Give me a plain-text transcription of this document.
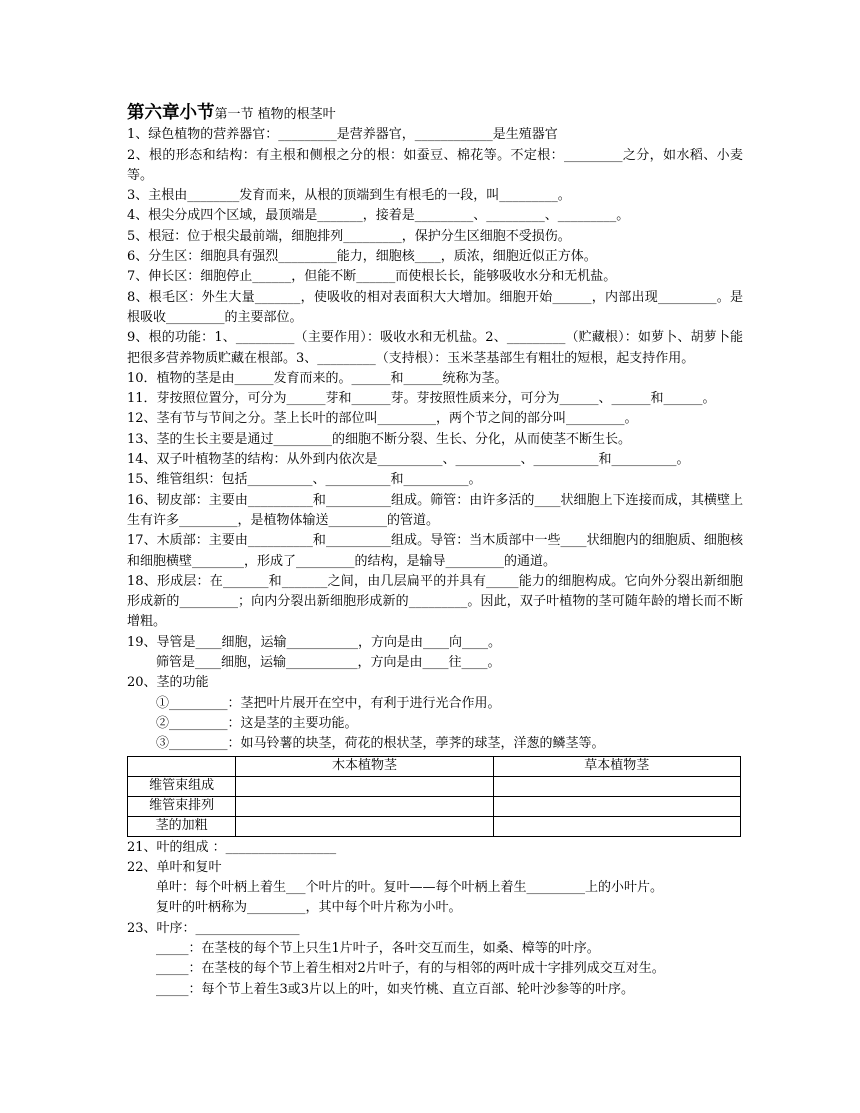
第六章小节第一节 植物的根茎叶
1、绿色植物的营养器官：_________是营养器官，____________是生殖器官
2、根的形态和结构：有主根和侧根之分的根：如蚕豆、棉花等。不定根：_________之分，如水稻、小麦等。
3、主根由________发育而来，从根的顶端到生有根毛的一段，叫_________。
4、根尖分成四个区域，最顶端是_______，接着是_________、_________、_________。
5、根冠：位于根尖最前端，细胞排列_________，保护分生区细胞不受损伤。
6、分生区：细胞具有强烈_________能力，细胞核____，质浓，细胞近似正方体。
7、伸长区：细胞停止______，但能不断______而使根长长，能够吸收水分和无机盐。
8、根毛区：外生大量_______，使吸收的相对表面积大大增加。细胞开始______，内部出现_________。是根吸收_________的主要部位。
9、根的功能：1、_________（主要作用）：吸收水和无机盐。2、_________（贮藏根）：如萝卜、胡萝卜能把很多营养物质贮藏在根部。3、_________（支持根）：玉米茎基部生有粗壮的短根，起支持作用。
10．植物的茎是由______发育而来的。______和______统称为茎。
11．芽按照位置分，可分为______芽和______芽。芽按照性质来分，可分为______、______和______。
12、茎有节与节间之分。茎上长叶的部位叫_________，两个节之间的部分叫_________。
13、茎的生长主要是通过_________的细胞不断分裂、生长、分化，从而使茎不断生长。
14、双子叶植物茎的结构：从外到内依次是__________、__________、__________和__________。
15、维管组织：包括__________、__________和__________。
16、韧皮部：主要由__________和__________组成。筛管：由许多活的____状细胞上下连接而成，其横壁上生有许多_________，是植物体输送_________的管道。
17、木质部：主要由__________和__________组成。导管：当木质部中一些____状细胞内的细胞质、细胞核和细胞横壁________，形成了_________的结构，是输导_________的通道。
18、形成层：在_______和_______之间，由几层扁平的并具有_____能力的细胞构成。它向外分裂出新细胞形成新的_________；向内分裂出新细胞形成新的_________。因此，双子叶植物的茎可随年龄的增长而不断增粗。
19、导管是____细胞，运输___________，方向是由____向____。
筛管是____细胞，运输___________，方向是由____往____。
20、茎的功能
①_________：茎把叶片展开在空中，有利于进行光合作用。
②_________：这是茎的主要功能。
③_________：如马铃薯的块茎，荷花的根状茎，荸荠的球茎，洋葱的鳞茎等。
	木本植物茎	草本植物茎
维管束组成		
维管束排列		
茎的加粗		
21、叶的组成 ：_________________
22、单叶和复叶
单叶：每个叶柄上着生___个叶片的叶。复叶——每个叶柄上着生_________上的小叶片。
复叶的叶柄称为_________，其中每个叶片称为小叶。
23、叶序：________________
_____：在茎枝的每个节上只生1片叶子，各叶交互而生，如桑、樟等的叶序。
_____：在茎枝的每个节上着生相对2片叶子，有的与相邻的两叶成十字排列成交互对生。
_____：每个节上着生3或3片以上的叶，如夹竹桃、直立百部、轮叶沙参等的叶序。
